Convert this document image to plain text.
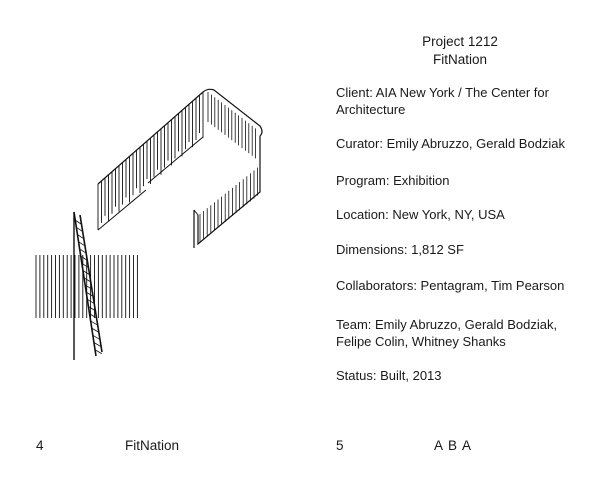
Project 1212
FitNation

Client: AIA New York / The Center for Architecture

Curator: Emily Abruzzo, Gerald Bodziak

Program: Exhibition

Location: New York, NY, USA

Dimensions: 1,812 SF

Collaborators: Pentagram, Tim Pearson

Team: Emily Abruzzo, Gerald Bodziak, Felipe Colin, Whitney Shanks

Status: Built, 2013

4	FitNation	5	A B A
